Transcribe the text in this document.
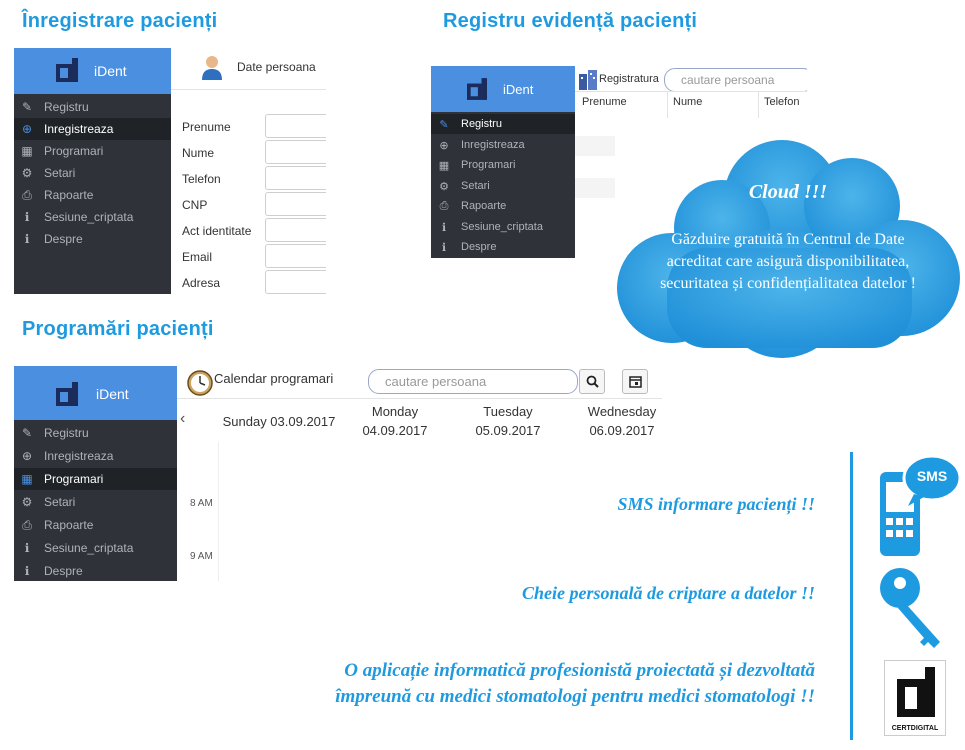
Înregistrare pacienți	Registru evidență pacienți
Programări pacienți
iDent
✎ Registru
⊕ Inregistreaza
▦ Programari
⚙ Setari
⎙ Rapoarte
ℹ	Sesiune_criptata
ℹ	Despre
Date persoana
Prenume
Nume
Telefon
CNP
Act identitate
Email
Adresa
iDent
✎ Registru
⊕ Inregistreaza
▦ Programari
⚙ Setari
⎙ Rapoarte
ℹ	Sesiune_criptata
ℹ	Despre
Registratura cautare persoana
Prenume	Nume	Telefon
Cloud !!!
Găzduire gratuită în Centrul de Date acreditat care asigură disponibilitatea, securitatea și confidențialitatea datelor !
iDent
✎ Registru
⊕ Inregistreaza
▦ Programari
⚙ Setari
⎙ Rapoarte
ℹ	Sesiune_criptata
ℹ	Despre
Calendar programari	cautare persoana
‹	Sunday 03.09.2017
Monday
04.09.2017
Tuesday
05.09.2017
Wednesday
06.09.2017
8 AM
9 AM
SMS informare pacienți !!
Cheie personală de criptare a datelor !!
O aplicație informatică profesionistă proiectată și dezvoltată
împreună cu medici stomatologi pentru medici stomatologi !!
SMS
CERTDIGITAL
